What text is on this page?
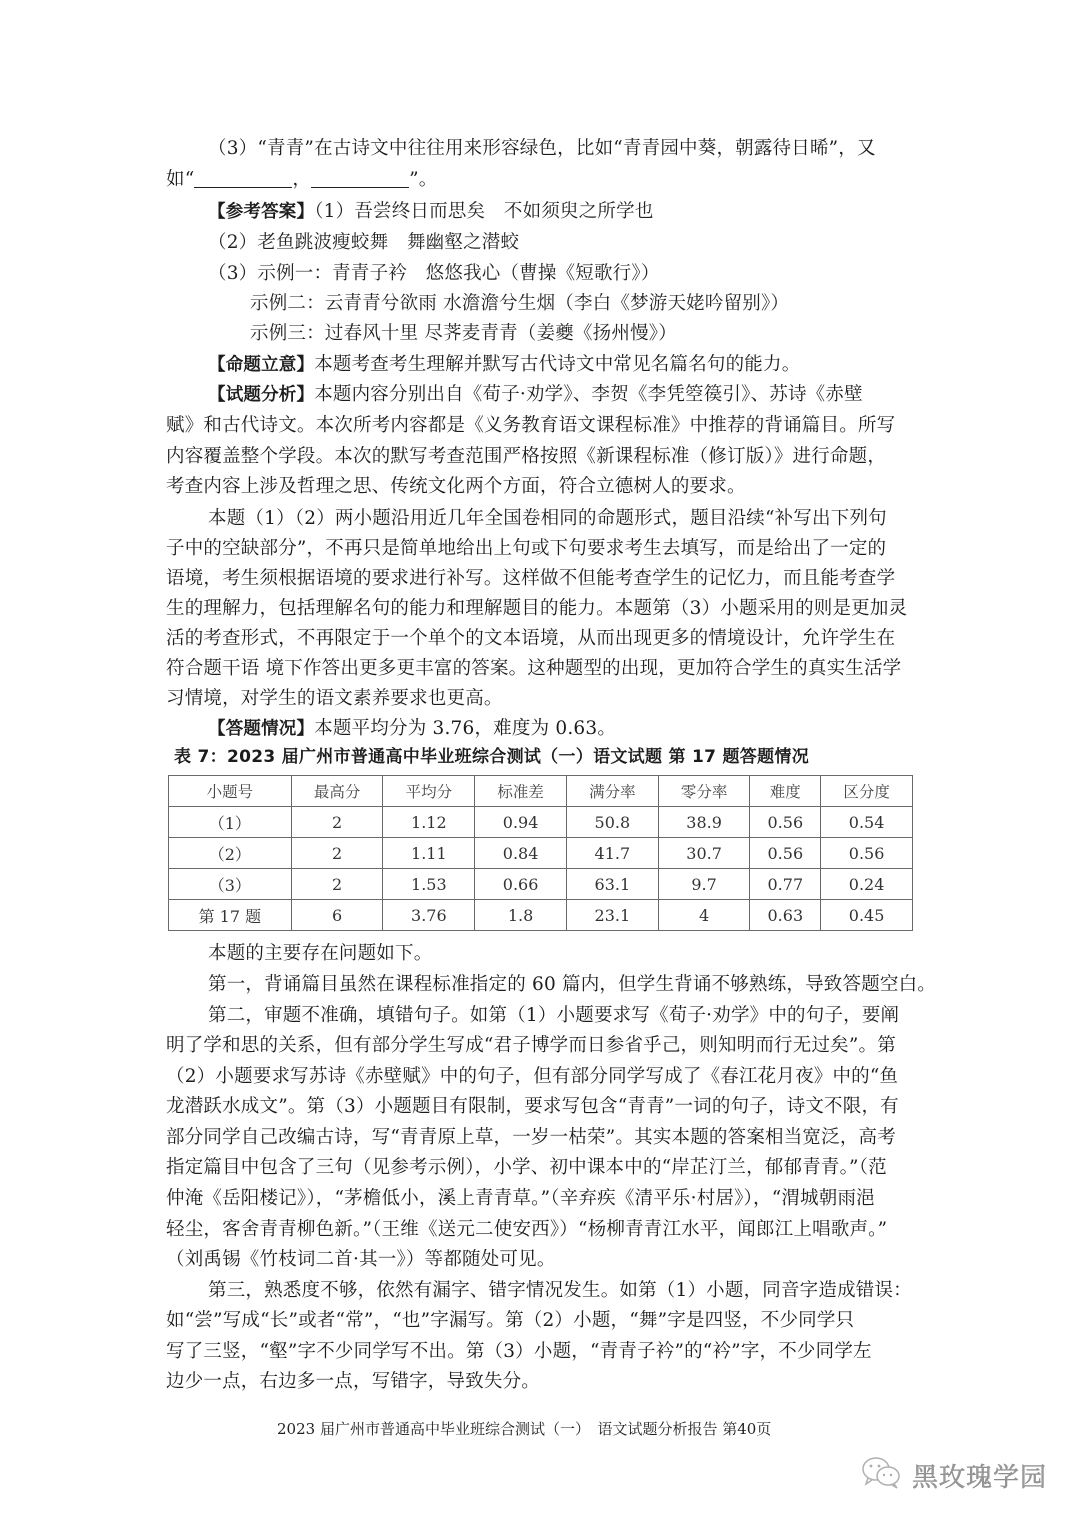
（3）“青青”在古诗文中往往用来形容绿色，比如“青青园中葵，朝露待日晞”，又
如“	，	”。
【参考答案】（1）吾尝终日而思矣　不如须臾之所学也
（2）老鱼跳波瘦蛟舞　舞幽壑之潜蛟
（3）示例一：青青子衿　悠悠我心（曹操《短歌行》）
示例二：云青青兮欲雨 水澹澹兮生烟（李白《梦游天姥吟留别》）
示例三：过春风十里 尽荠麦青青（姜夔《扬州慢》）
【命题立意】本题考查考生理解并默写古代诗文中常见名篇名句的能力。
【试题分析】本题内容分别出自《荀子·劝学》、李贺《李凭箜篌引》、苏诗《赤壁
赋》和古代诗文。本次所考内容都是《义务教育语文课程标准》中推荐的背诵篇目。所写
内容覆盖整个学段。本次的默写考查范围严格按照《新课程标准（修订版）》进行命题，
考查内容上涉及哲理之思、传统文化两个方面，符合立德树人的要求。
本题（1）（2）两小题沿用近几年全国卷相同的命题形式，题目沿续“补写出下列句
子中的空缺部分”，不再只是简单地给出上句或下句要求考生去填写，而是给出了一定的
语境，考生须根据语境的要求进行补写。这样做不但能考查学生的记忆力，而且能考查学
生的理解力，包括理解名句的能力和理解题目的能力。本题第（3）小题采用的则是更加灵
活的考查形式，不再限定于一个单个的文本语境，从而出现更多的情境设计，允许学生在
符合题干语 境下作答出更多更丰富的答案。这种题型的出现，更加符合学生的真实生活学
习情境，对学生的语文素养要求也更高。
【答题情况】本题平均分为 3.76，难度为 0.63。
表 7：2023 届广州市普通高中毕业班综合测试（一）语文试题 第 17 题答题情况
小题号	最高分	平均分	标准差	满分率	零分率	难度	区分度
（1）	2	1.12	0.94	50.8	38.9	0.56	0.54
（2）	2	1.11	0.84	41.7	30.7	0.56	0.56
（3）	2	1.53	0.66	63.1	9.7	0.77	0.24
第 17 题	6	3.76	1.8	23.1	4	0.63	0.45
本题的主要存在问题如下。
第一，背诵篇目虽然在课程标准指定的 60 篇内，但学生背诵不够熟练，导致答题空白。
第二，审题不准确，填错句子。如第（1）小题要求写《荀子·劝学》中的句子，要阐
明了学和思的关系，但有部分学生写成“君子博学而日参省乎己，则知明而行无过矣”。第
（2）小题要求写苏诗《赤壁赋》中的句子，但有部分同学写成了《春江花月夜》中的“鱼
龙潜跃水成文”。第（3）小题题目有限制，要求写包含“青青”一词的句子，诗文不限，有
部分同学自己改编古诗，写“青青原上草，一岁一枯荣”。其实本题的答案相当宽泛，高考
指定篇目中包含了三句（见参考示例），小学、初中课本中的“岸芷汀兰，郁郁青青。”（范
仲淹《岳阳楼记》），“茅檐低小，溪上青青草。”（辛弃疾《清平乐·村居》），“渭城朝雨浥
轻尘，客舍青青柳色新。”（王维《送元二使安西》）“杨柳青青江水平，闻郎江上唱歌声。”
（刘禹锡《竹枝词二首·其一》）等都随处可见。
第三，熟悉度不够，依然有漏字、错字情况发生。如第（1）小题，同音字造成错误：
如“尝”写成“长”或者“常”，“也”字漏写。第（2）小题，“舞”字是四竖，不少同学只
写了三竖，“壑”字不少同学写不出。第（3）小题，“青青子衿”的“衿”字，不少同学左
边少一点，右边多一点，写错字，导致失分。
2023 届广州市普通高中毕业班综合测试（一）　语文试题分析报告 第40页
黑玫瑰学园
